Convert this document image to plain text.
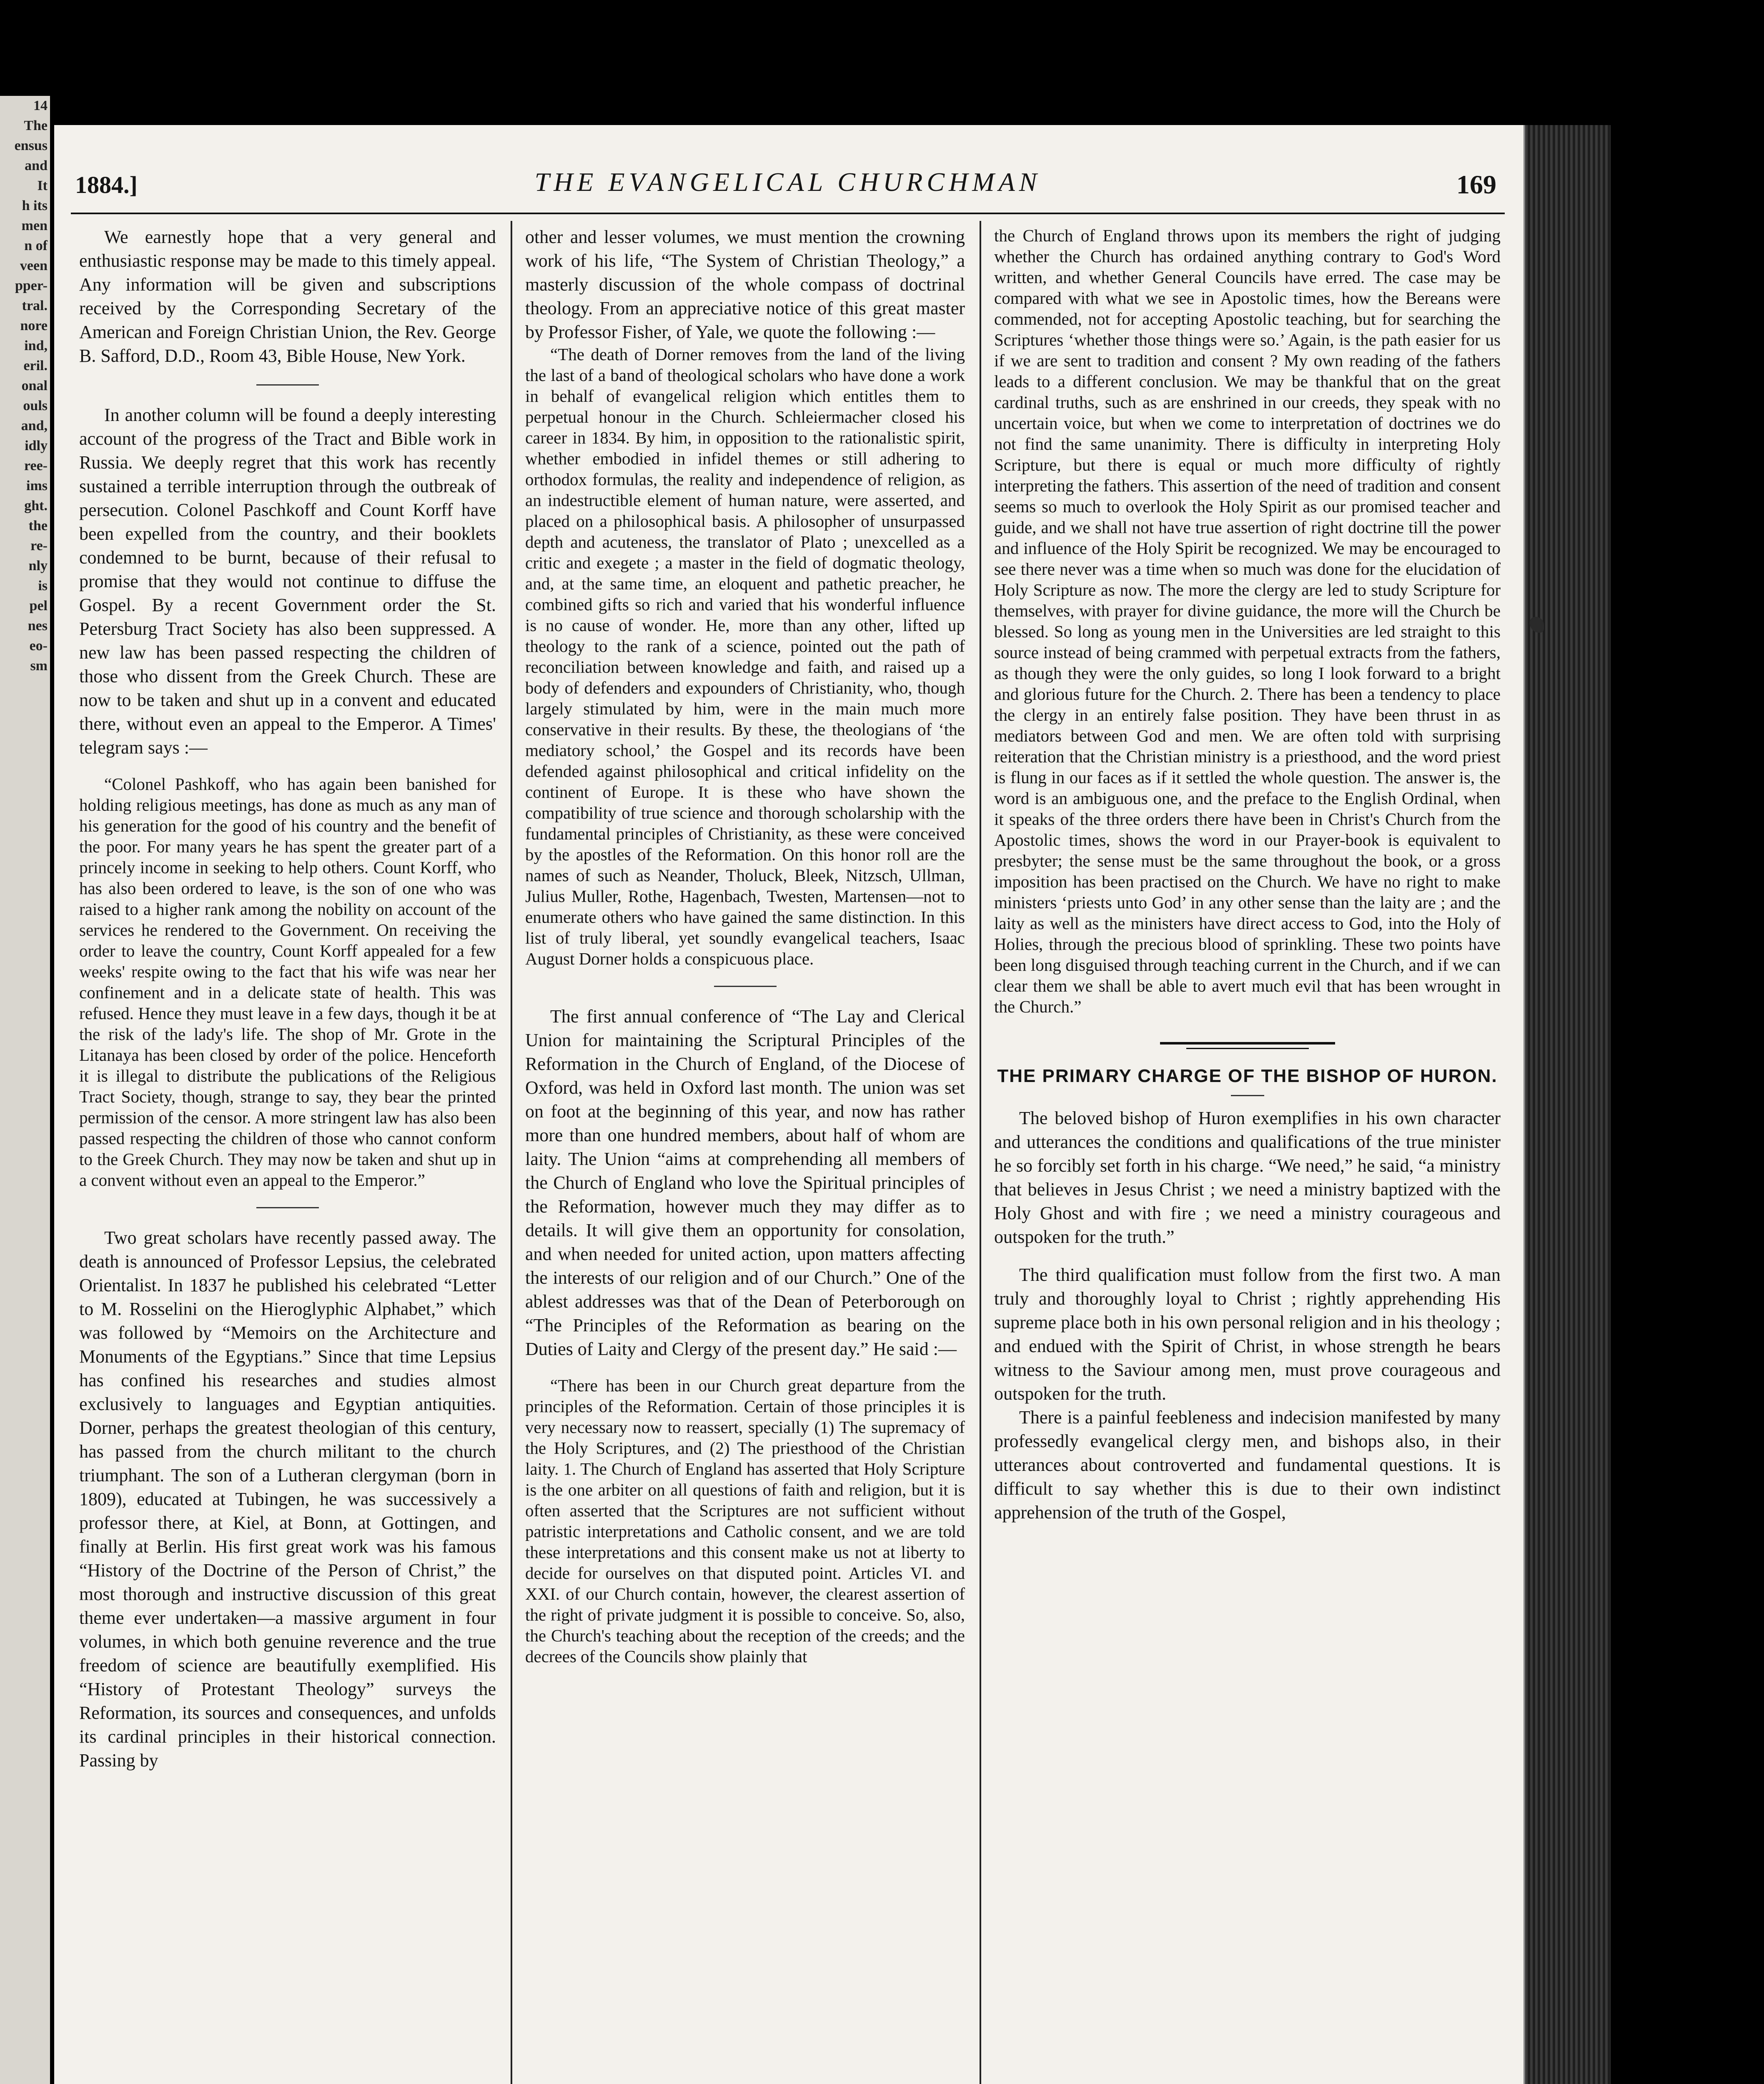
14
The
ensus
and
It
h its
men
n of
veen
pper-
tral.
nore
ind,
eril.
onal
ouls
and,
idly
ree-
ims
ght.
the
re-
nly
is
pel
nes
eo-
sm
1884.]	THE EVANGELICAL CHURCHMAN	169

We earnestly hope that a very general and enthusiastic response may be made to this timely appeal. Any information will be given and subscriptions received by the Corresponding Secretary of the American and Foreign Christian Union, the Rev. George B. Safford, D.D., Room 43, Bible House, New York.

In another column will be found a deeply interesting account of the progress of the Tract and Bible work in Russia. We deeply regret that this work has recently sustained a terrible interruption through the outbreak of persecution. Colonel Paschkoff and Count Korff have been expelled from the country, and their booklets condemned to be burnt, because of their refusal to promise that they would not continue to diffuse the Gospel. By a recent Government order the St. Petersburg Tract Society has also been suppressed. A new law has been passed respecting the children of those who dissent from the Greek Church. These are now to be taken and shut up in a convent and educated there, without even an appeal to the Emperor. A Times' telegram says :—

“Colonel Pashkoff, who has again been banished for holding religious meetings, has done as much as any man of his generation for the good of his country and the benefit of the poor. For many years he has spent the greater part of a princely income in seeking to help others. Count Korff, who has also been ordered to leave, is the son of one who was raised to a higher rank among the nobility on account of the services he rendered to the Government. On receiving the order to leave the country, Count Korff appealed for a few weeks' respite owing to the fact that his wife was near her confinement and in a delicate state of health. This was refused. Hence they must leave in a few days, though it be at the risk of the lady's life. The shop of Mr. Grote in the Litanaya has been closed by order of the police. Henceforth it is illegal to distribute the publications of the Religious Tract Society, though, strange to say, they bear the printed permission of the censor. A more stringent law has also been passed respecting the children of those who cannot conform to the Greek Church. They may now be taken and shut up in a convent without even an appeal to the Emperor.”

Two great scholars have recently passed away. The death is announced of Professor Lepsius, the celebrated Orientalist. In 1837 he published his celebrated “Letter to M. Rosselini on the Hieroglyphic Alphabet,” which was followed by “Memoirs on the Architecture and Monuments of the Egyptians.” Since that time Lepsius has confined his researches and studies almost exclusively to languages and Egyptian antiquities. Dorner, perhaps the greatest theologian of this century, has passed from the church militant to the church triumphant. The son of a Lutheran clergyman (born in 1809), educated at Tubingen, he was successively a professor there, at Kiel, at Bonn, at Gottingen, and finally at Berlin. His first great work was his famous “History of the Doctrine of the Person of Christ,” the most thorough and instructive discussion of this great theme ever undertaken—a massive argument in four volumes, in which both genuine reverence and the true freedom of science are beautifully exemplified. His “History of Protestant Theology” surveys the Reformation, its sources and consequences, and unfolds its cardinal principles in their historical connection. Passing by

other and lesser volumes, we must mention the crowning work of his life, “The System of Christian Theology,” a masterly discussion of the whole compass of doctrinal theology. From an appreciative notice of this great master by Professor Fisher, of Yale, we quote the following :—

“The death of Dorner removes from the land of the living the last of a band of theological scholars who have done a work in behalf of evangelical religion which entitles them to perpetual honour in the Church. Schleiermacher closed his career in 1834. By him, in opposition to the rationalistic spirit, whether embodied in infidel themes or still adhering to orthodox formulas, the reality and independence of religion, as an indestructible element of human nature, were asserted, and placed on a philosophical basis. A philosopher of unsurpassed depth and acuteness, the translator of Plato ; unexcelled as a critic and exegete ; a master in the field of dogmatic theology, and, at the same time, an eloquent and pathetic preacher, he combined gifts so rich and varied that his wonderful influence is no cause of wonder. He, more than any other, lifted up theology to the rank of a science, pointed out the path of reconciliation between knowledge and faith, and raised up a body of defenders and expounders of Christianity, who, though largely stimulated by him, were in the main much more conservative in their results. By these, the theologians of ‘the mediatory school,’ the Gospel and its records have been defended against philosophical and critical infidelity on the continent of Europe. It is these who have shown the compatibility of true science and thorough scholarship with the fundamental principles of Christianity, as these were conceived by the apostles of the Reformation. On this honor roll are the names of such as Neander, Tholuck, Bleek, Nitzsch, Ullman, Julius Muller, Rothe, Hagenbach, Twesten, Martensen—not to enumerate others who have gained the same distinction. In this list of truly liberal, yet soundly evangelical teachers, Isaac August Dorner holds a conspicuous place.

The first annual conference of “The Lay and Clerical Union for maintaining the Scriptural Principles of the Reformation in the Church of England, of the Diocese of Oxford, was held in Oxford last month. The union was set on foot at the beginning of this year, and now has rather more than one hundred members, about half of whom are laity. The Union “aims at comprehending all members of the Church of England who love the Spiritual principles of the Reformation, however much they may differ as to details. It will give them an opportunity for consolation, and when needed for united action, upon matters affecting the interests of our religion and of our Church.” One of the ablest addresses was that of the Dean of Peterborough on “The Principles of the Reformation as bearing on the Duties of Laity and Clergy of the present day.” He said :—

“There has been in our Church great departure from the principles of the Reformation. Certain of those principles it is very necessary now to reassert, specially (1) The supremacy of the Holy Scriptures, and (2) The priesthood of the Christian laity. 1. The Church of England has asserted that Holy Scripture is the one arbiter on all questions of faith and religion, but it is often asserted that the Scriptures are not sufficient without patristic interpretations and Catholic consent, and we are told these interpretations and this consent make us not at liberty to decide for ourselves on that disputed point. Articles VI. and XXI. of our Church contain, however, the clearest assertion of the right of private judgment it is possible to conceive. So, also, the Church's teaching about the reception of the creeds; and the decrees of the Councils show plainly that

the Church of England throws upon its members the right of judging whether the Church has ordained anything contrary to God's Word written, and whether General Councils have erred. The case may be compared with what we see in Apostolic times, how the Bereans were commended, not for accepting Apostolic teaching, but for searching the Scriptures ‘whether those things were so.’ Again, is the path easier for us if we are sent to tradition and consent ? My own reading of the fathers leads to a different conclusion. We may be thankful that on the great cardinal truths, such as are enshrined in our creeds, they speak with no uncertain voice, but when we come to interpretation of doctrines we do not find the same unanimity. There is difficulty in interpreting Holy Scripture, but there is equal or much more difficulty of rightly interpreting the fathers. This assertion of the need of tradition and consent seems so much to overlook the Holy Spirit as our promised teacher and guide, and we shall not have true assertion of right doctrine till the power and influence of the Holy Spirit be recognized. We may be encouraged to see there never was a time when so much was done for the elucidation of Holy Scripture as now. The more the clergy are led to study Scripture for themselves, with prayer for divine guidance, the more will the Church be blessed. So long as young men in the Universities are led straight to this source instead of being crammed with perpetual extracts from the fathers, as though they were the only guides, so long I look forward to a bright and glorious future for the Church. 2. There has been a tendency to place the clergy in an entirely false position. They have been thrust in as mediators between God and men. We are often told with surprising reiteration that the Christian ministry is a priesthood, and the word priest is flung in our faces as if it settled the whole question. The answer is, the word is an ambiguous one, and the preface to the English Ordinal, when it speaks of the three orders there have been in Christ's Church from the Apostolic times, shows the word in our Prayer-book is equivalent to presbyter; the sense must be the same throughout the book, or a gross imposition has been practised on the Church. We have no right to make ministers ‘priests unto God’ in any other sense than the laity are ; and the laity as well as the ministers have direct access to God, into the Holy of Holies, through the precious blood of sprinkling. These two points have been long disguised through teaching current in the Church, and if we can clear them we shall be able to avert much evil that has been wrought in the Church.”

THE PRIMARY CHARGE OF THE BISHOP OF HURON.

The beloved bishop of Huron exemplifies in his own character and utterances the conditions and qualifications of the true minister he so forcibly set forth in his charge. “We need,” he said, “a ministry that believes in Jesus Christ ; we need a ministry baptized with the Holy Ghost and with fire ; we need a ministry courageous and outspoken for the truth.”

The third qualification must follow from the first two. A man truly and thoroughly loyal to Christ ; rightly apprehending His supreme place both in his own personal religion and in his theology ; and endued with the Spirit of Christ, in whose strength he bears witness to the Saviour among men, must prove courageous and outspoken for the truth.

There is a painful feebleness and indecision manifested by many professedly evangelical clergy men, and bishops also, in their utterances about controverted and fundamental questions. It is difficult to say whether this is due to their own indistinct apprehension of the truth of the Gospel,
